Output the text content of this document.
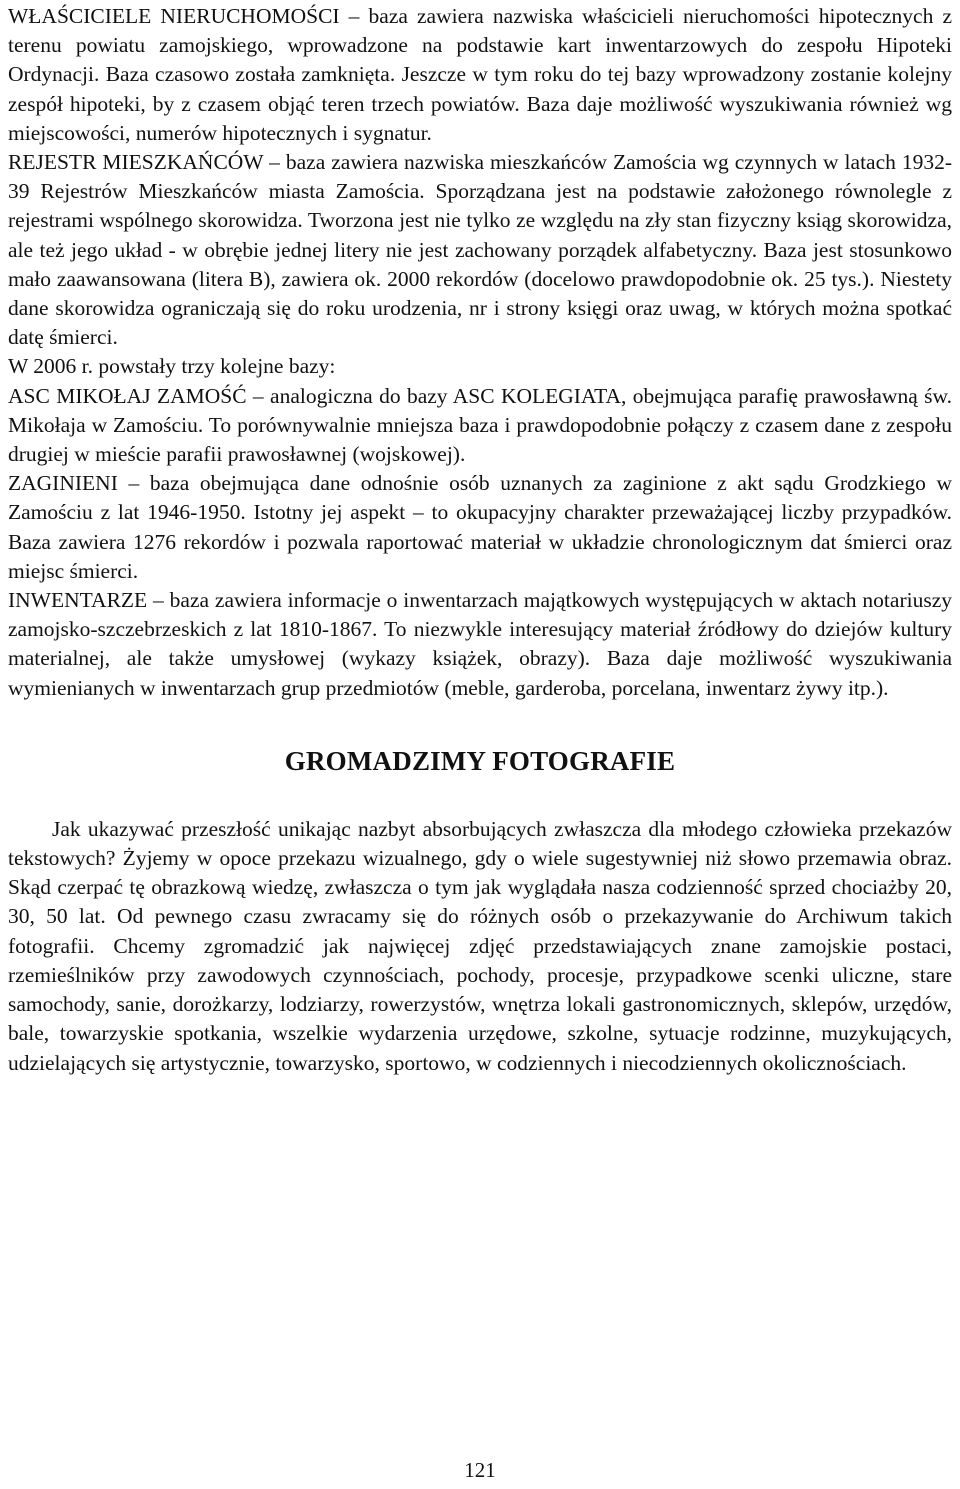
WŁAŚCICIELE NIERUCHOMOŚCI – baza zawiera nazwiska właścicieli nieruchomości hipotecznych z terenu powiatu zamojskiego, wprowadzone na podstawie kart inwentarzowych do zespołu Hipoteki Ordynacji. Baza czasowo została zamknięta. Jeszcze w tym roku do tej bazy wprowadzony zostanie kolejny zespół hipoteki, by z czasem objąć teren trzech powiatów. Baza daje możliwość wyszukiwania również wg miejscowości, numerów hipotecznych i sygnatur.

REJESTR MIESZKAŃCÓW – baza zawiera nazwiska mieszkańców Zamościa wg czynnych w latach 1932-39 Rejestrów Mieszkańców miasta Zamościa. Sporządzana jest na podstawie założonego równolegle z rejestrami wspólnego skorowidza. Tworzona jest nie tylko ze względu na zły stan fizyczny ksiąg skorowidza, ale też jego układ - w obrębie jednej litery nie jest zachowany porządek alfabetyczny. Baza jest stosunkowo mało zaawansowana (litera B), zawiera ok. 2000 rekordów (docelowo prawdopodobnie ok. 25 tys.). Niestety dane skorowidza ograniczają się do roku urodzenia, nr i strony księgi oraz uwag, w których można spotkać datę śmierci.

W 2006 r. powstały trzy kolejne bazy:

ASC MIKOŁAJ ZAMOŚĆ – analogiczna do bazy ASC KOLEGIATA, obejmująca parafię prawosławną św. Mikołaja w Zamościu. To porównywalnie mniejsza baza i prawdopodobnie połączy z czasem dane z zespołu drugiej w mieście parafii prawosławnej (wojskowej).

ZAGINIENI – baza obejmująca dane odnośnie osób uznanych za zaginione z akt sądu Grodzkiego w Zamościu z lat 1946-1950. Istotny jej aspekt – to okupacyjny charakter przeważającej liczby przypadków. Baza zawiera 1276 rekordów i pozwala raportować materiał w układzie chronologicznym dat śmierci oraz miejsc śmierci.

INWENTARZE – baza zawiera informacje o inwentarzach majątkowych występujących w aktach notariuszy zamojsko-szczebrzeskich z lat 1810-1867. To niezwykle interesujący materiał źródłowy do dziejów kultury materialnej, ale także umysłowej (wykazy książek, obrazy). Baza daje możliwość wyszukiwania wymienianych w inwentarzach grup przedmiotów (meble, garderoba, porcelana, inwentarz żywy itp.).

GROMADZIMY FOTOGRAFIE

Jak ukazywać przeszłość unikając nazbyt absorbujących zwłaszcza dla młodego człowieka przekazów tekstowych? Żyjemy w opoce przekazu wizualnego, gdy o wiele sugestywniej niż słowo przemawia obraz. Skąd czerpać tę obrazkową wiedzę, zwłaszcza o tym jak wyglądała nasza codzienność sprzed chociażby 20, 30, 50 lat. Od pewnego czasu zwracamy się do różnych osób o przekazywanie do Archiwum takich fotografii. Chcemy zgromadzić jak najwięcej zdjęć przedstawiających znane zamojskie postaci, rzemieślników przy zawodowych czynnościach, pochody, procesje, przypadkowe scenki uliczne, stare samochody, sanie, dorożkarzy, lodziarzy, rowerzystów, wnętrza lokali gastronomicznych, sklepów, urzędów, bale, towarzyskie spotkania, wszelkie wydarzenia urzędowe, szkolne, sytuacje rodzinne, muzykujących, udzielających się artystycznie, towarzysko, sportowo, w codziennych i niecodziennych okolicznościach.

121
